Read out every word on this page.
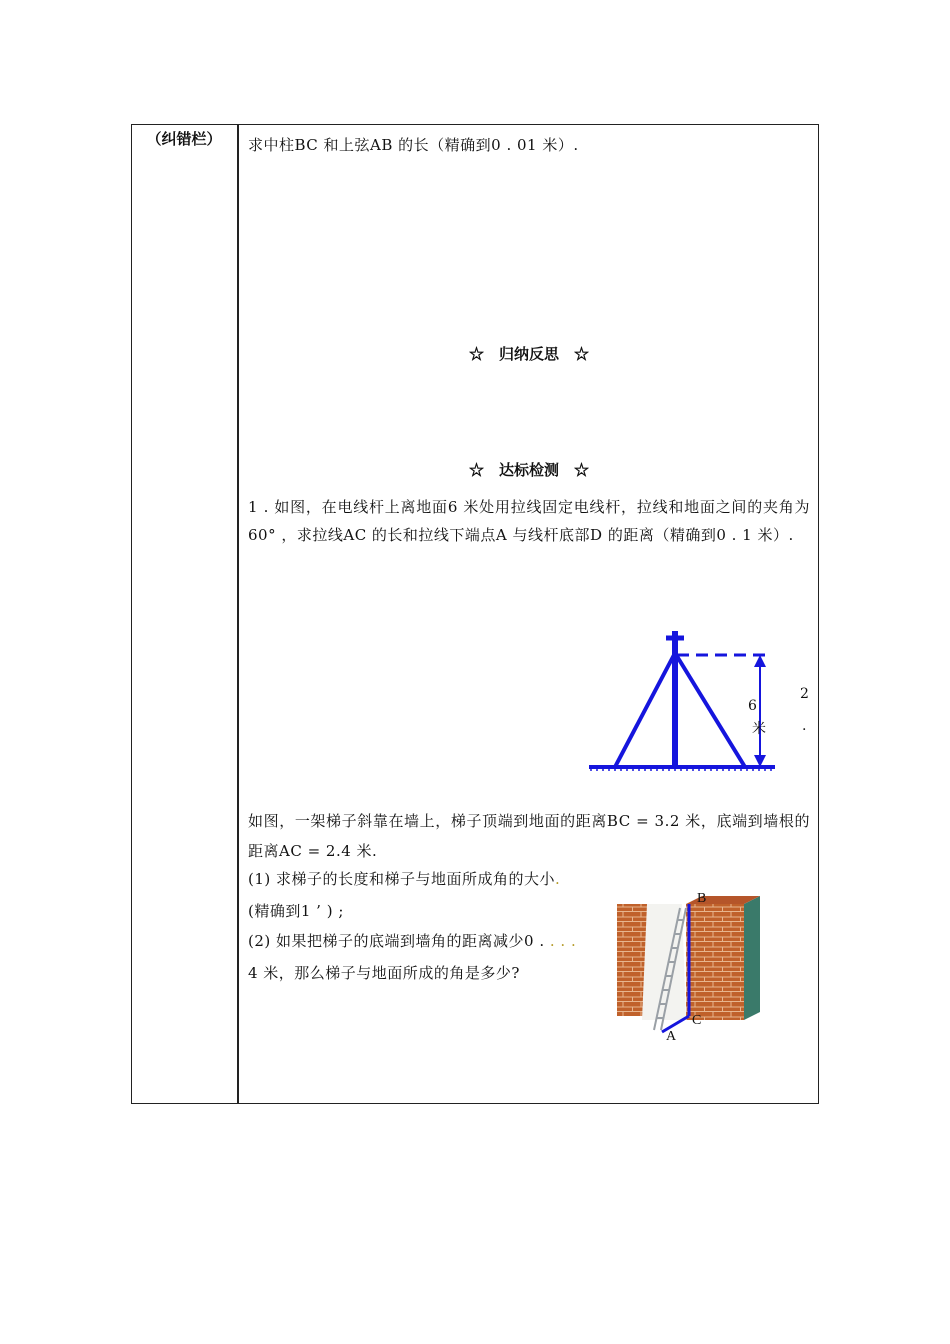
（纠错栏）	求中柱BC 和上弦AB 的长（精确到0 . 01 米）.
☆　归纳反思　☆
☆　达标检测　☆
1 . 如图，在电线杆上离地面6 米处用拉线固定电线杆，拉线和地面之间的夹角为60° ，求拉线AC 的长和拉线下端点A 与线杆底部D 的距离（精确到0 . 1 米）.
6
米
2
.
如图，一架梯子斜靠在墙上，梯子顶端到地面的距离BC = 3.2 米，底端到墙根的距离AC = 2.4 米.
(1) 求梯子的长度和梯子与地面所成角的大小.
(精确到1 ’ ) ;
(2) 如果把梯子的底端到墙角的距离减少0 . . . .
4 米，那么梯子与地面所成的角是多少?
B
C
A
